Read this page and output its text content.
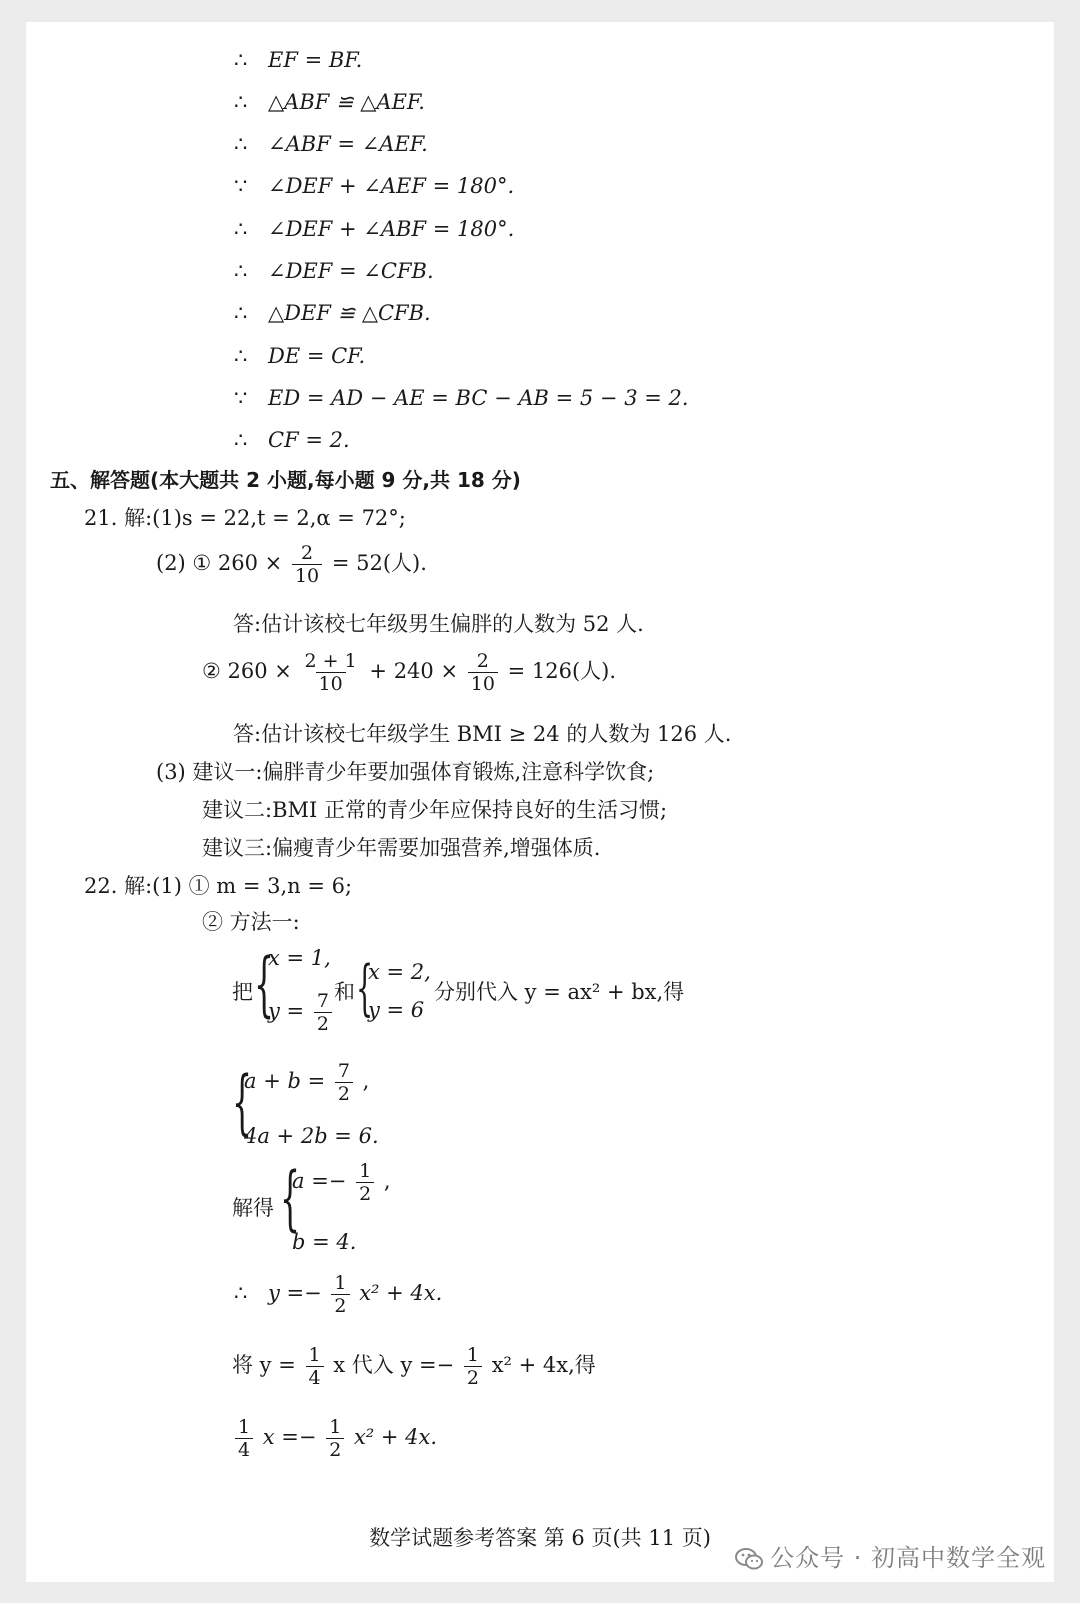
∴ EF = BF.
∴ △ABF ≌ △AEF.
∴ ∠ABF = ∠AEF.
∵ ∠DEF + ∠AEF = 180°.
∴ ∠DEF + ∠ABF = 180°.
∴ ∠DEF = ∠CFB.
∴ △DEF ≌ △CFB.
∴ DE = CF.
∵ ED = AD − AE = BC − AB = 5 − 3 = 2.
∴ CF = 2.
五、解答题(本大题共 2 小题,每小题 9 分,共 18 分)
21. 解:(1)s = 22,t = 2,α = 72°;
(2) ① $260 \times \frac{2}{10} = 52$(人).
答:估计该校七年级男生偏胖的人数为 52 人.
② $260 \times \frac{2 + 1}{10} + 240 \times \frac{2}{10} = 126$(人).
答:估计该校七年级学生 BMI ≥ 24 的人数为 126 人.
(3) 建议一:偏胖青少年要加强体育锻炼,注意科学饮食;
建议二:BMI 正常的青少年应保持良好的生活习惯;
建议三:偏瘦青少年需要加强营养,增强体质.
22. 解:(1) ① m = 3,n = 6;
② 方法一:
把 {
x = 1,
$y = \frac{7}{2}$ 和 {
x = 2,
y = 6
分别代入 y = ax² + bx,得
{
$a + b = \frac{7}{2}$ ,
4a + 2b = 6.
解得 {
$a =- \frac{1}{2}$ ,
b = 4.
∴ $y =- \frac{1}{2} x^2 + 4x$.
将 $y = \frac{1}{4}$ x 代入 $y =- \frac{1}{2} x^2 + 4x$,得
$\frac{1}{4}$ $x =- \frac{1}{2} x^2 + 4x$.
数学试题参考答案 第 6 页(共 11 页)
公众号 · 初高中数学全观
